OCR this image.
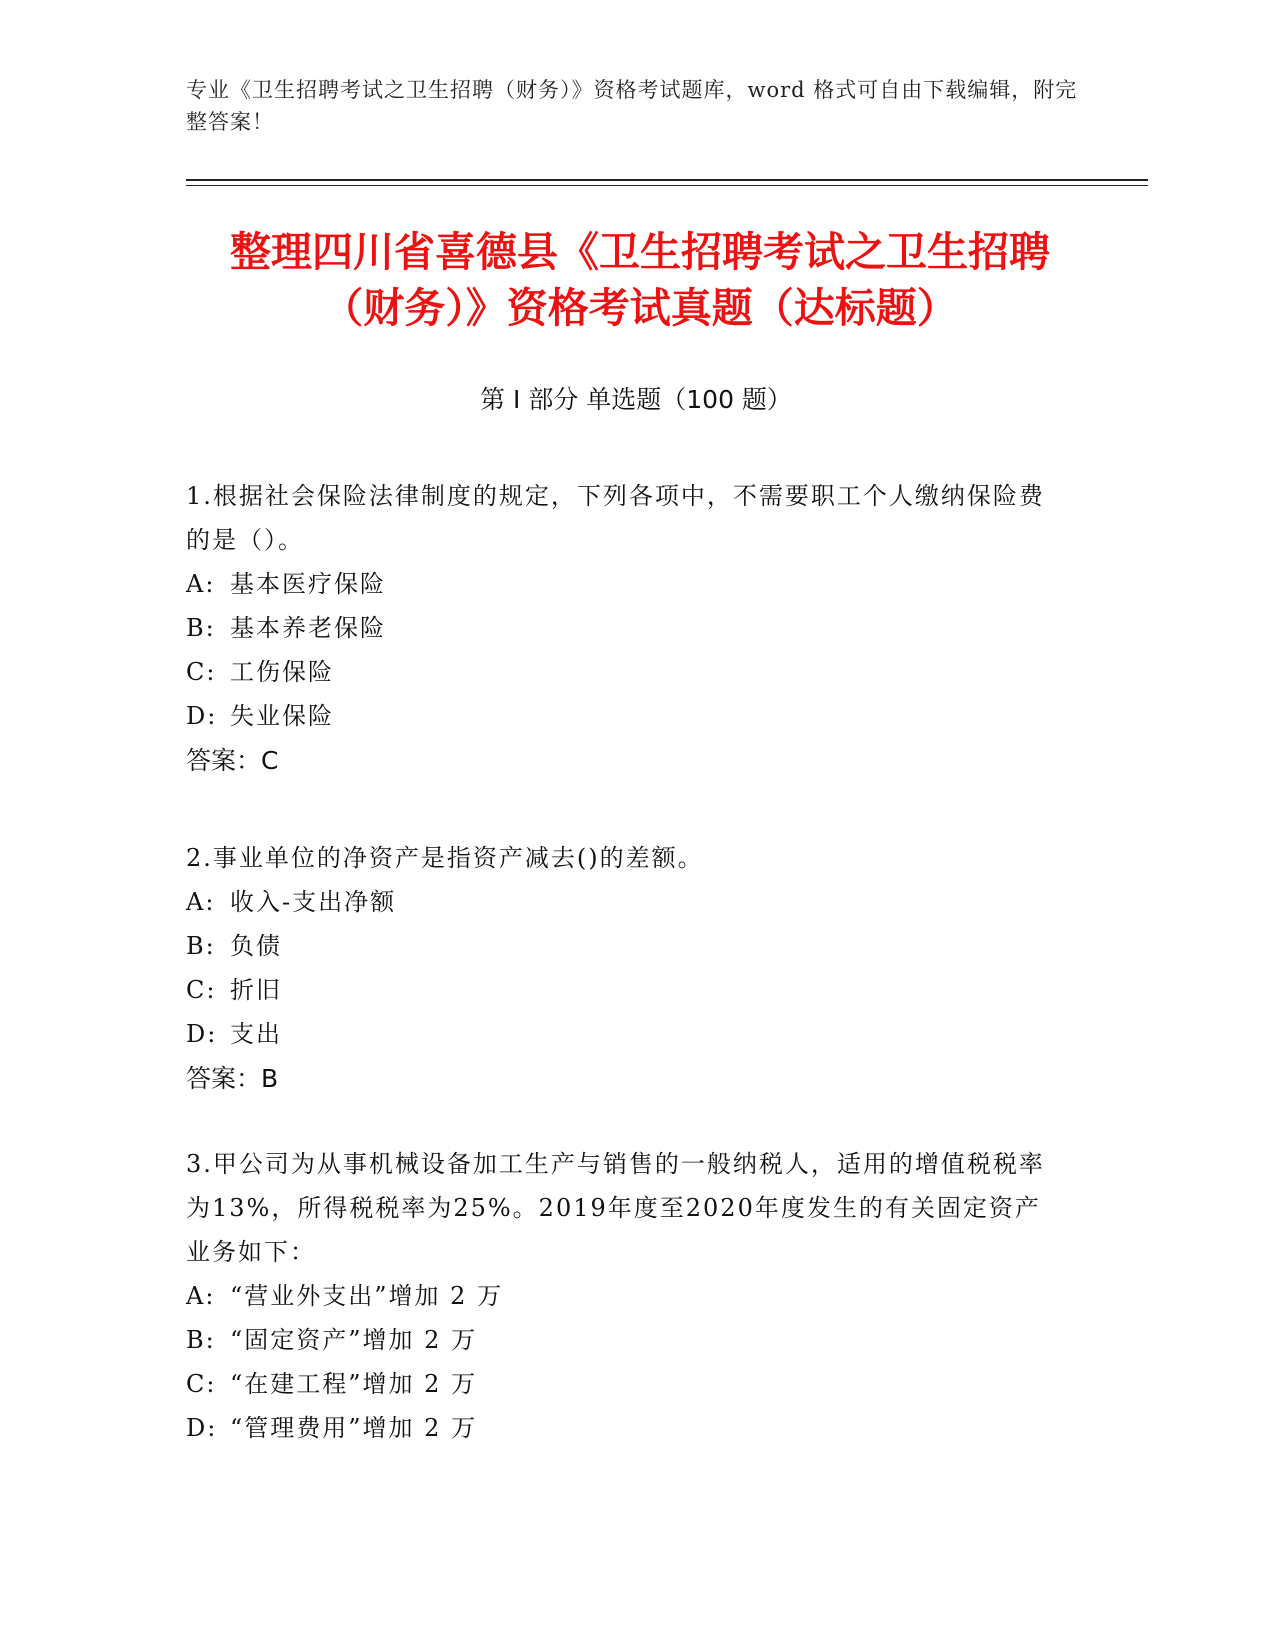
专业《卫生招聘考试之卫生招聘（财务）》资格考试题库，word 格式可自由下载编辑，附完整答案！
整理四川省喜德县《卫生招聘考试之卫生招聘（财务）》资格考试真题（达标题）
第 I 部分 单选题（100 题）

1.根据社会保险法律制度的规定，下列各项中，不需要职工个人缴纳保险费的是（）。

A: 基本医疗保险

B: 基本养老保险

C: 工伤保险

D: 失业保险

答案：C

2.事业单位的净资产是指资产减去()的差额。

A: 收入-支出净额

B: 负债

C: 折旧

D: 支出

答案：B

3.甲公司为从事机械设备加工生产与销售的一般纳税人，适用的增值税税率为13%，所得税税率为25%。2019年度至2020年度发生的有关固定资产业务如下：

A: “营业外支出”增加 2 万

B: “固定资产”增加 2 万

C: “在建工程”增加 2 万

D: “管理费用”增加 2 万
